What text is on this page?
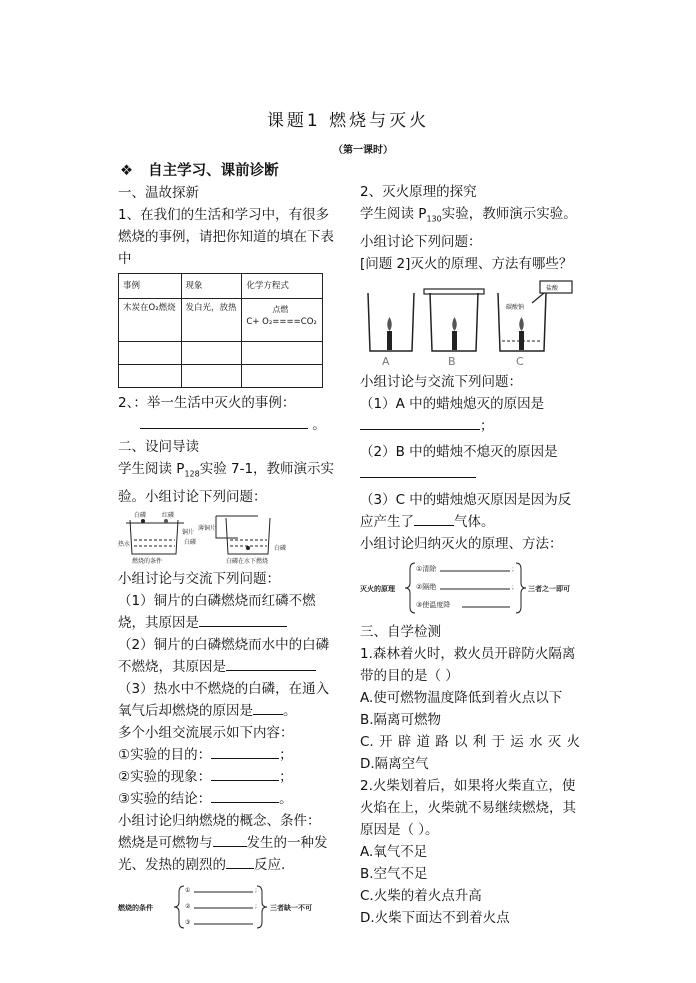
课题1 燃烧与灭火
（第一课时）
❖ 自主学习、课前诊断
一、温故探新
1、在我们的生活和学习中，有很多燃烧的事例，请把你知道的填在下表中
事例	现象	化学方程式
木炭在O₂燃烧	发白光，放热	点燃
C+ O₂====CO₂

2、：举一生活中灭火的事例：
。
二、设问导读
学生阅读 $P_{128}$实验 7-1，教师演示实验。小组讨论下列问题：
白磷	红磷
铜片
热水	白磷
薄铜片
白磷
燃烧的条件	白磷在水下燃烧
小组讨论与交流下列问题：
（1）铜片的白磷燃烧而红磷不燃烧，其原因是
（2）铜片的白磷燃烧而水中的白磷不燃烧，其原因是
（3）热水中不燃烧的白磷，在通入氧气后却燃烧的原因是 。
多个小组交流展示如下内容：
①实验的目的：	；
②实验的现象：	；
③实验的结论：	。
小组讨论归纳燃烧的概念、条件：
燃烧是可燃物与	发生的一种发光、发热的剧烈的 反应.
燃烧的条件
①	;
②	;
③
三者缺一不可
2、灭火原理的探究
学生阅读 $P_{130}$实验，教师演示实验。
小组讨论下列问题：
[问题 2]灭火的原理、方法有哪些？
盐酸
碳酸钠
A	B	C
小组讨论与交流下列问题：
（1）A 中的蜡烛熄灭的原因是
；
（2）B 中的蜡烛不熄灭的原因是

（3）C 中的蜡烛熄灭原因是因为反应产生了	气体。
小组讨论归纳灭火的原理、方法：
灭火的原理
①清除	;
②隔绝	;
③使温度降
三者之一即可
三、自学检测
1.森林着火时，救火员开辟防火隔离带的目的是（ ）
A.使可燃物温度降低到着火点以下
B.隔离可燃物
C.开辟道路以利于运水灭火
D.隔离空气
2.火柴划着后，如果将火柴直立，使火焰在上，火柴就不易继续燃烧，其原因是（ ）。
A.氧气不足
B.空气不足
C.火柴的着火点升高
D.火柴下面达不到着火点
